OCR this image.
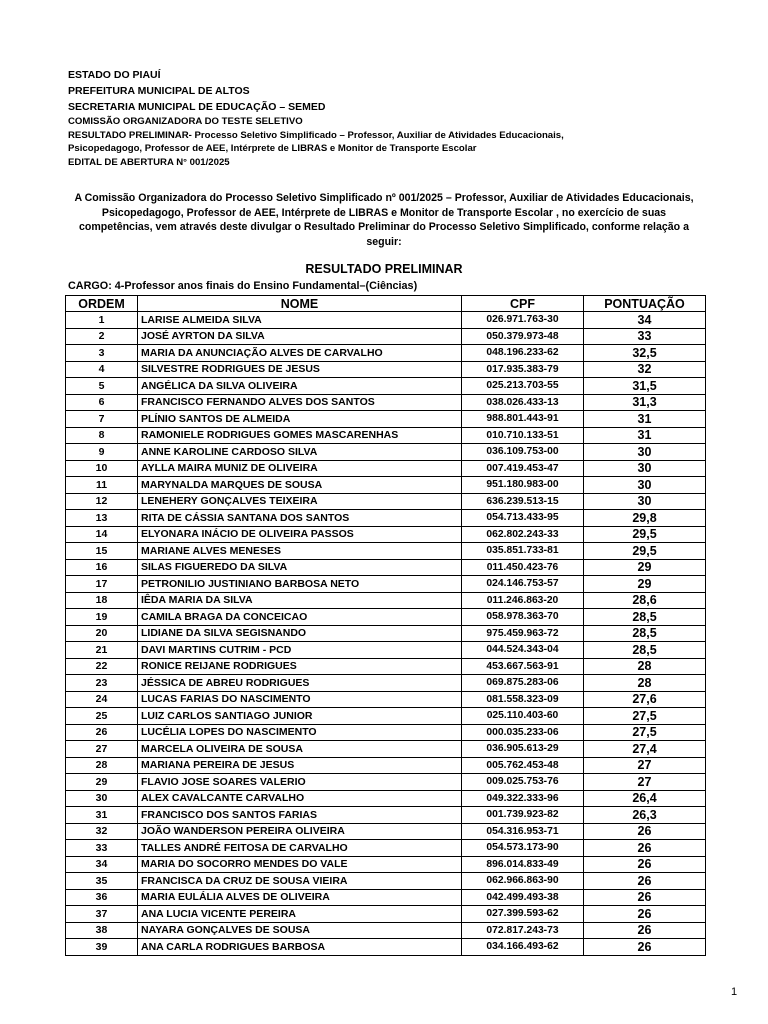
ESTADO DO PIAUÍ
PREFEITURA MUNICIPAL DE ALTOS
SECRETARIA MUNICIPAL DE EDUCAÇÃO – SEMED
COMISSÃO ORGANIZADORA DO TESTE SELETIVO
RESULTADO PRELIMINAR- Processo Seletivo Simplificado – Professor, Auxiliar de Atividades Educacionais,
Psicopedagogo, Professor de AEE, Intérprete de LIBRAS e Monitor de Transporte Escolar
EDITAL DE ABERTURA N° 001/2025
A Comissão Organizadora do Processo Seletivo Simplificado nº 001/2025 – Professor, Auxiliar de Atividades Educacionais,
Psicopedagogo, Professor de AEE, Intérprete de LIBRAS e Monitor de Transporte Escolar , no exercício de suas
competências, vem através deste divulgar o Resultado Preliminar do Processo Seletivo Simplificado, conforme relação a
seguir:
RESULTADO PRELIMINAR
CARGO: 4-Professor anos finais do Ensino Fundamental–(Ciências)
ORDEM	NOME	CPF	PONTUAÇÃO
1	LARISE ALMEIDA SILVA	026.971.763-30	34
2	JOSÉ AYRTON DA SILVA	050.379.973-48	33
3	MARIA DA ANUNCIAÇÃO ALVES DE CARVALHO	048.196.233-62	32,5
4	SILVESTRE RODRIGUES DE JESUS	017.935.383-79	32
5	ANGÉLICA DA SILVA OLIVEIRA	025.213.703-55	31,5
6	FRANCISCO FERNANDO ALVES DOS SANTOS	038.026.433-13	31,3
7	PLÍNIO SANTOS DE ALMEIDA	988.801.443-91	31
8	RAMONIELE RODRIGUES GOMES MASCARENHAS	010.710.133-51	31
9	ANNE KAROLINE CARDOSO SILVA	036.109.753-00	30
10	AYLLA MAIRA MUNIZ DE OLIVEIRA	007.419.453-47	30
11	MARYNALDA MARQUES DE SOUSA	951.180.983-00	30
12	LENEHERY GONÇALVES TEIXEIRA	636.239.513-15	30
13	RITA DE CÁSSIA SANTANA DOS SANTOS	054.713.433-95	29,8
14	ELYONARA INÁCIO DE OLIVEIRA PASSOS	062.802.243-33	29,5
15	MARIANE ALVES MENESES	035.851.733-81	29,5
16	SILAS FIGUEREDO DA SILVA	011.450.423-76	29
17	PETRONILIO JUSTINIANO BARBOSA NETO	024.146.753-57	29
18	IÊDA MARIA DA SILVA	011.246.863-20	28,6
19	CAMILA BRAGA DA CONCEICAO	058.978.363-70	28,5
20	LIDIANE DA SILVA SEGISNANDO	975.459.963-72	28,5
21	DAVI MARTINS CUTRIM - PCD	044.524.343-04	28,5
22	RONICE REIJANE RODRIGUES	453.667.563-91	28
23	JÉSSICA DE ABREU RODRIGUES	069.875.283-06	28
24	LUCAS FARIAS DO NASCIMENTO	081.558.323-09	27,6
25	LUIZ CARLOS SANTIAGO JUNIOR	025.110.403-60	27,5
26	LUCÉLIA LOPES DO NASCIMENTO	000.035.233-06	27,5
27	MARCELA OLIVEIRA DE SOUSA	036.905.613-29	27,4
28	MARIANA PEREIRA DE JESUS	005.762.453-48	27
29	FLAVIO JOSE SOARES VALERIO	009.025.753-76	27
30	ALEX CAVALCANTE CARVALHO	049.322.333-96	26,4
31	FRANCISCO DOS SANTOS FARIAS	001.739.923-82	26,3
32	JOÃO WANDERSON PEREIRA OLIVEIRA	054.316.953-71	26
33	TALLES ANDRÉ FEITOSA DE CARVALHO	054.573.173-90	26
34	MARIA DO SOCORRO MENDES DO VALE	896.014.833-49	26
35	FRANCISCA DA CRUZ DE SOUSA VIEIRA	062.966.863-90	26
36	MARIA EULÁLIA ALVES DE OLIVEIRA	042.499.493-38	26
37	ANA LUCIA VICENTE PEREIRA	027.399.593-62	26
38	NAYARA GONÇALVES DE SOUSA	072.817.243-73	26
39	ANA CARLA RODRIGUES BARBOSA	034.166.493-62	26
1
